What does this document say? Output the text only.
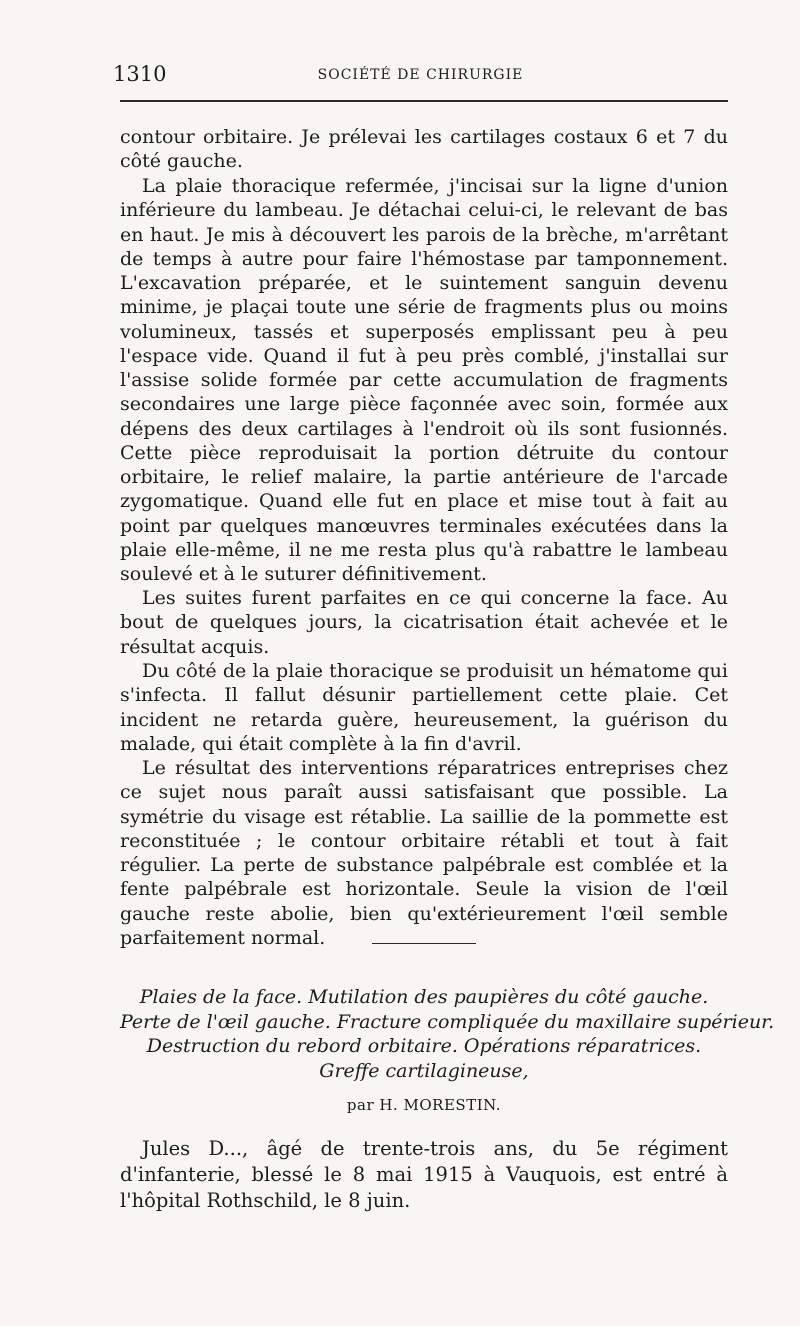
1310	SOCIÉTÉ DE CHIRURGIE

contour orbitaire. Je prélevai les cartilages costaux 6 et 7 du côté gauche.

La plaie thoracique refermée, j'incisai sur la ligne d'union inférieure du lambeau. Je détachai celui-ci, le relevant de bas en haut. Je mis à découvert les parois de la brèche, m'arrêtant de temps à autre pour faire l'hémostase par tamponnement. L'excavation préparée, et le suintement sanguin devenu minime, je plaçai toute une série de fragments plus ou moins volumineux, tassés et superposés emplissant peu à peu l'espace vide. Quand il fut à peu près comblé, j'installai sur l'assise solide formée par cette accumulation de fragments secondaires une large pièce façonnée avec soin, formée aux dépens des deux cartilages à l'endroit où ils sont fusionnés. Cette pièce reproduisait la portion détruite du contour orbitaire, le relief malaire, la partie antérieure de l'arcade zygomatique. Quand elle fut en place et mise tout à fait au point par quelques manœuvres terminales exécutées dans la plaie elle-même, il ne me resta plus qu'à rabattre le lambeau soulevé et à le suturer définitivement.

Les suites furent parfaites en ce qui concerne la face. Au bout de quelques jours, la cicatrisation était achevée et le résultat acquis.

Du côté de la plaie thoracique se produisit un hématome qui s'infecta. Il fallut désunir partiellement cette plaie. Cet incident ne retarda guère, heureusement, la guérison du malade, qui était complète à la fin d'avril.

Le résultat des interventions réparatrices entreprises chez ce sujet nous paraît aussi satisfaisant que possible. La symétrie du visage est rétablie. La saillie de la pommette est reconstituée ; le contour orbitaire rétabli et tout à fait régulier. La perte de substance palpébrale est comblée et la fente palpébrale est horizontale. Seule la vision de l'œil gauche reste abolie, bien qu'extérieurement l'œil semble parfaitement normal.

Plaies de la face. Mutilation des paupières du côté gauche.
Perte de l'œil gauche. Fracture compliquée du maxillaire supérieur.
Destruction du rebord orbitaire. Opérations réparatrices.
Greffe cartilagineuse,
par H. MORESTIN.

Jules D..., âgé de trente-trois ans, du 5e régiment d'infanterie, blessé le 8 mai 1915 à Vauquois, est entré à l'hôpital Rothschild, le 8 juin.
